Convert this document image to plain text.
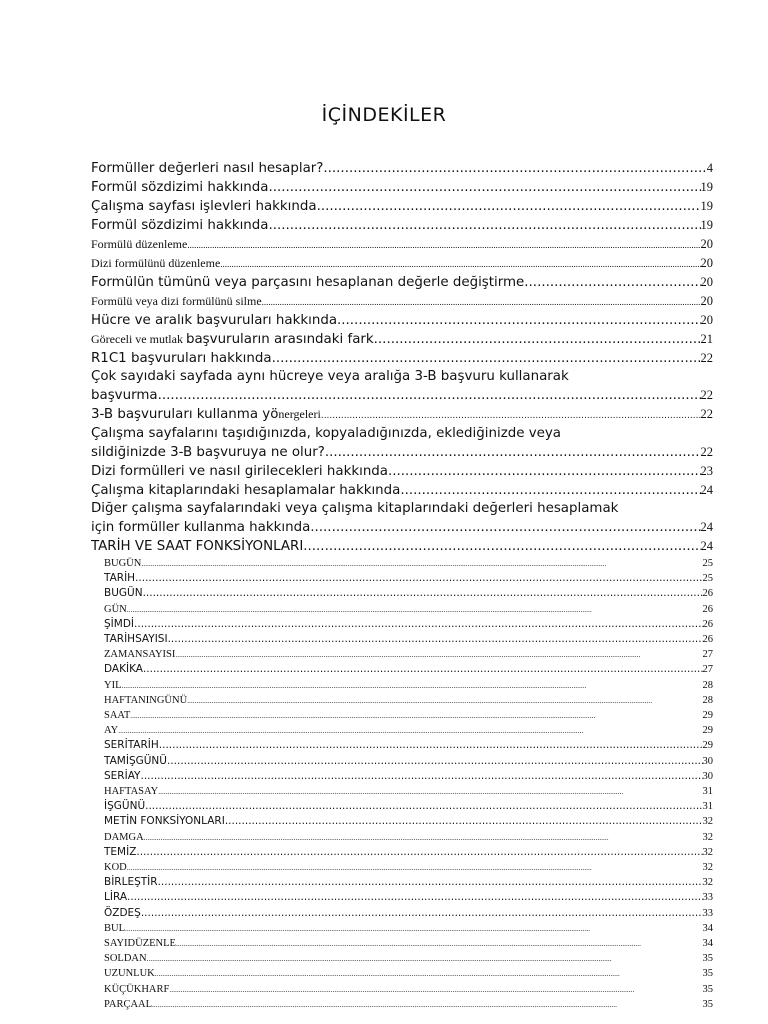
İÇİNDEKİLER
Formüller değerleri nasıl hesaplar? .....	4
Formül sözdizimi hakkında .....	19
Çalışma sayfası işlevleri hakkında .....	19
Formül sözdizimi hakkında .....	19
Formülü düzenleme .....	20
Dizi formülünü düzenleme .....	20
Formülün tümünü veya parçasını hesaplanan değerle değiştirme .....	20
Formülü veya dizi formülünü silme .....	20
Hücre ve aralık başvuruları hakkında .....	20
Göreceli ve mutlak başvuruların arasındaki fark .....	21
R1C1 başvuruları hakkında .....	22
Çok sayıdaki sayfada aynı hücreye veya aralığa 3-B başvuru kullanarak
başvurma .....	22
3-B başvuruları kullanma yönergeleri .....	22
Çalışma sayfalarını taşıdığınızda, kopyaladığınızda, eklediğinizde veya
sildiğinizde 3-B başvuruya ne olur? .....	22
Dizi formülleri ve nasıl girilecekleri hakkında .....	23
Çalışma kitaplarındaki hesaplamalar hakkında .....	24
Diğer çalışma sayfalarındaki veya çalışma kitaplarındaki değerleri hesaplamak
için formüller kullanma hakkında .....	24
TARİH VE SAAT FONKSİYONLARI .....	24
BUGÜN .....	25
TARİH .....	25
BUGÜN .....	26
GÜN .....	26
ŞİMDİ .....	26
TARİHSAYISI .....	26
ZAMANSAYISI .....	27
DAKİKA .....	27
YIL .....	28
HAFTANINGÜNÜ .....	28
SAAT .....	29
AY .....	29
SERİTARİH .....	29
TAMİŞGÜNÜ .....	30
SERİAY .....	30
HAFTASAY .....	31
İŞGÜNÜ .....	31
METİN FONKSİYONLARI .....	32
DAMGA .....	32
TEMİZ .....	32
KOD .....	32
BİRLEŞTİR .....	32
LİRA .....	33
ÖZDEŞ .....	33
BUL .....	34
SAYIDÜZENLE .....	34
SOLDAN .....	35
UZUNLUK .....	35
KÜÇÜKHARF .....	35
PARÇAAL .....	35
